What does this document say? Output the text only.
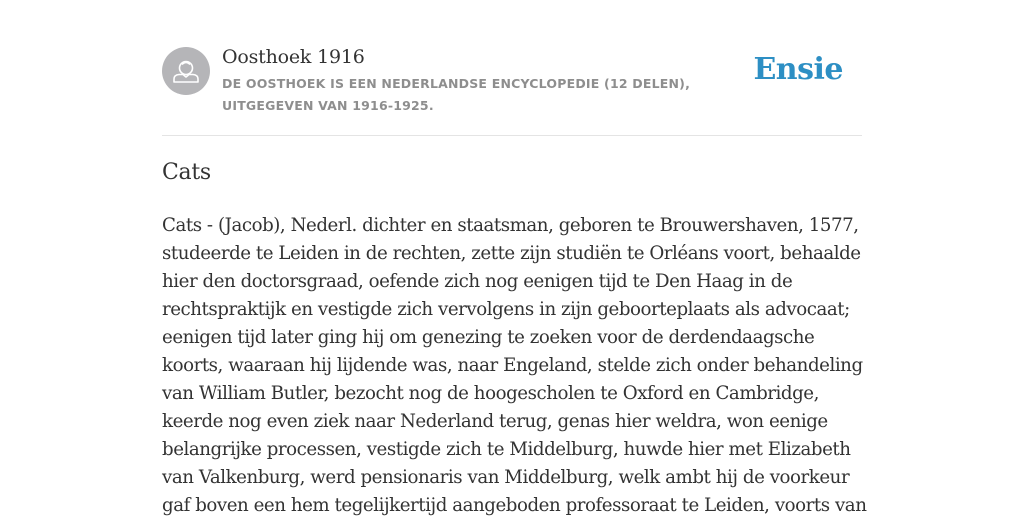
Oosthoek 1916
DE OOSTHOEK IS EEN NEDERLANDSE ENCYCLOPEDIE (12 DELEN), UITGEGEVEN VAN 1916-1925.
Ensie
Cats

Cats - (Jacob), Nederl. dichter en staatsman, geboren te Brouwershaven, 1577, studeerde te Leiden in de rechten, zette zijn studiën te Orléans voort, behaalde hier den doctorsgraad, oefende zich nog eenigen tijd te Den Haag in de rechtspraktijk en vestigde zich vervolgens in zijn geboorteplaats als advocaat; eenigen tijd later ging hij om genezing te zoeken voor de derdendaagsche koorts, waaraan hij lijdende was, naar Engeland, stelde zich onder behandeling van William Butler, bezocht nog de hoogescholen te Oxford en Cambridge, keerde nog even ziek naar Nederland terug, genas hier weldra, won eenige belangrijke processen, vestigde zich te Middelburg, huwde hier met Elizabeth van Valkenburg, werd pensionaris van Middelburg, welk ambt hij de voorkeur gaf boven een hem tegelijkertijd aangeboden professoraat te Leiden, voorts van
